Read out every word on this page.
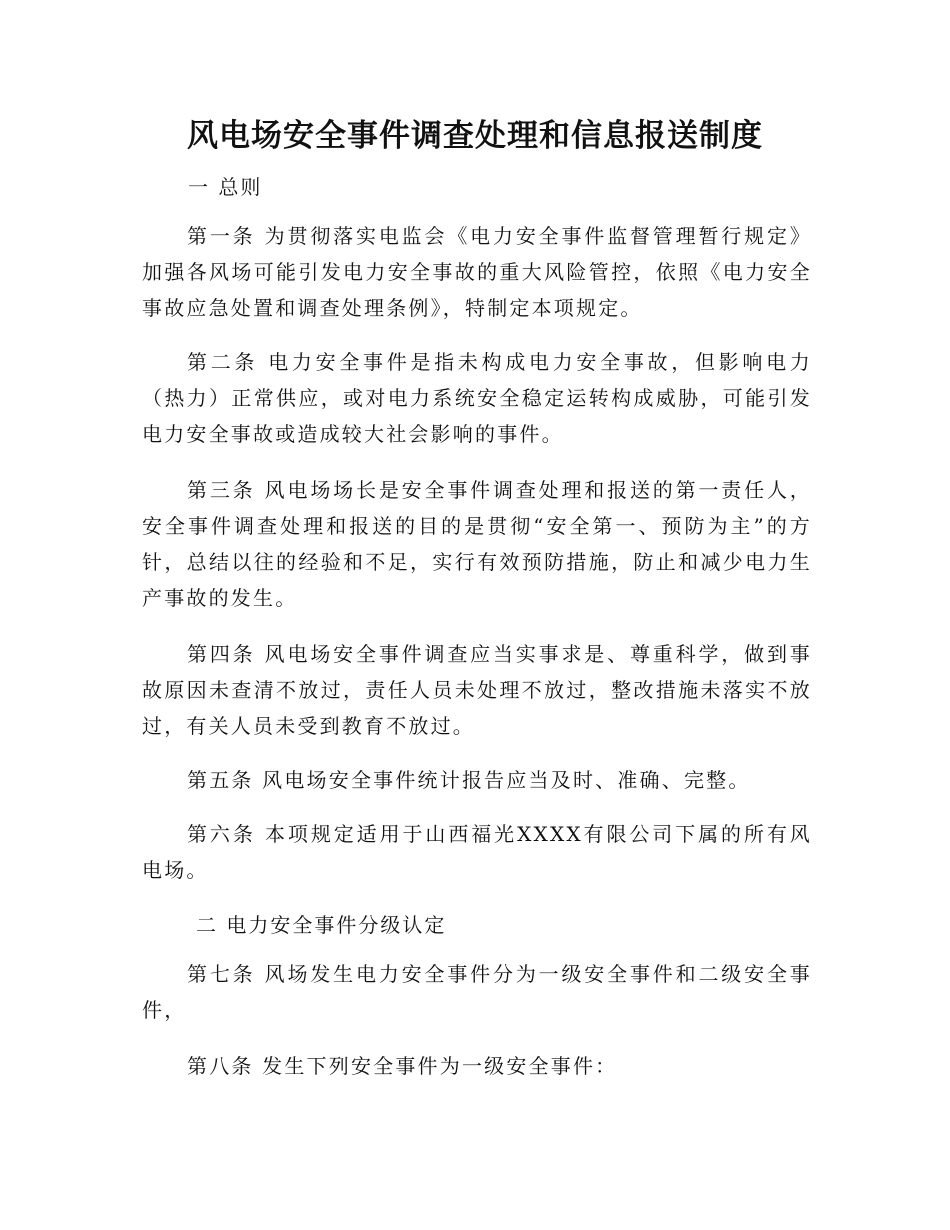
风电场安全事件调查处理和信息报送制度

一 总则

第一条 为贯彻落实电监会《电力安全事件监督管理暂行规定》加强各风场可能引发电力安全事故的重大风险管控，依照《电力安全事故应急处置和调查处理条例》，特制定本项规定。

第二条 电力安全事件是指未构成电力安全事故，但影响电力（热力）正常供应，或对电力系统安全稳定运转构成威胁，可能引发电力安全事故或造成较大社会影响的事件。

第三条 风电场场长是安全事件调查处理和报送的第一责任人，安全事件调查处理和报送的目的是贯彻“安全第一、预防为主”的方针，总结以往的经验和不足，实行有效预防措施，防止和减少电力生产事故的发生。

第四条 风电场安全事件调查应当实事求是、尊重科学，做到事故原因未查清不放过，责任人员未处理不放过，整改措施未落实不放过，有关人员未受到教育不放过。

第五条 风电场安全事件统计报告应当及时、准确、完整。

第六条 本项规定适用于山西福光XXXX有限公司下属的所有风电场。

二 电力安全事件分级认定

第七条 风场发生电力安全事件分为一级安全事件和二级安全事件，

第八条 发生下列安全事件为一级安全事件：
